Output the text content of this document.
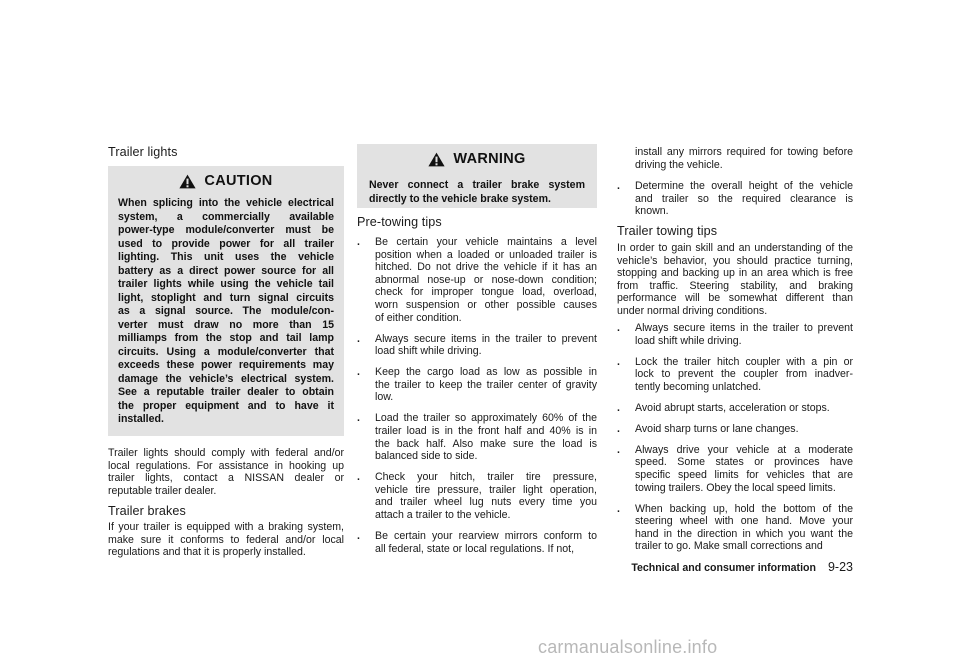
Trailer lights
CAUTION
When splicing into the vehicle electrical
system, a commercially available
power-type module/converter must be
used to provide power for all trailer
lighting. This unit uses the vehicle
battery as a direct power source for all
trailer lights while using the vehicle tail
light, stoplight and turn signal circuits
as a signal source. The module/con-
verter must draw no more than 15
milliamps from the stop and tail lamp
circuits. Using a module/converter that
exceeds these power requirements may
damage the vehicle’s electrical system.
See a reputable trailer dealer to obtain
the proper equipment and to have it
installed.
Trailer lights should comply with federal and/or
local regulations. For assistance in hooking up
trailer lights, contact a NISSAN dealer or
reputable trailer dealer.
Trailer brakes
If your trailer is equipped with a braking system,
make sure it conforms to federal and/or local
regulations and that it is properly installed.
WARNING
Never connect a trailer brake system
directly to the vehicle brake system.
Pre-towing tips
. Be certain your vehicle maintains a level
position when a loaded or unloaded trailer is
hitched. Do not drive the vehicle if it has an
abnormal nose-up or nose-down condition;
check for improper tongue load, overload,
worn suspension or other possible causes
of either condition.
. Always secure items in the trailer to prevent
load shift while driving.
. Keep the cargo load as low as possible in
the trailer to keep the trailer center of gravity
low.
. Load the trailer so approximately 60% of the
trailer load is in the front half and 40% is in
the back half. Also make sure the load is
balanced side to side.
. Check your hitch, trailer tire pressure,
vehicle tire pressure, trailer light operation,
and trailer wheel lug nuts every time you
attach a trailer to the vehicle.
. Be certain your rearview mirrors conform to
all federal, state or local regulations. If not,
install any mirrors required for towing before
driving the vehicle.
. Determine the overall height of the vehicle
and trailer so the required clearance is
known.
Trailer towing tips
In order to gain skill and an understanding of the
vehicle’s behavior, you should practice turning,
stopping and backing up in an area which is free
from traffic. Steering stability, and braking
performance will be somewhat different than
under normal driving conditions.
. Always secure items in the trailer to prevent
load shift while driving.
. Lock the trailer hitch coupler with a pin or
lock to prevent the coupler from inadver-
tently becoming unlatched.
. Avoid abrupt starts, acceleration or stops.
. Avoid sharp turns or lane changes.
. Always drive your vehicle at a moderate
speed. Some states or provinces have
specific speed limits for vehicles that are
towing trailers. Obey the local speed limits.
. When backing up, hold the bottom of the
steering wheel with one hand. Move your
hand in the direction in which you want the
trailer to go. Make small corrections and
Technical and consumer information 9-23
carmanualsonline.info
